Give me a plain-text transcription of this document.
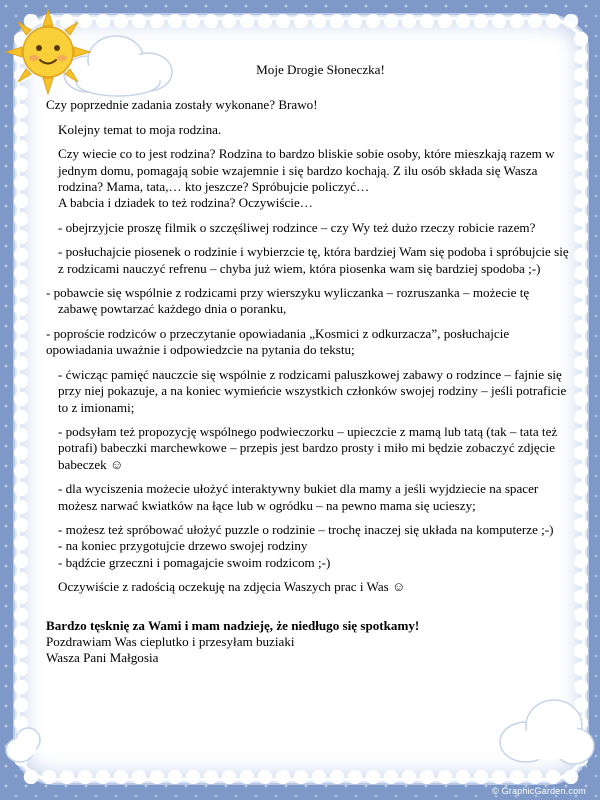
Moje Drogie Słoneczka!

Czy poprzednie zadania zostały wykonane? Brawo!

Kolejny temat to moja rodzina.

Czy wiecie co to jest rodzina? Rodzina to bardzo bliskie sobie osoby, które mieszkają razem w jednym domu, pomagają sobie wzajemnie i się bardzo kochają. Z ilu osób składa się Wasza rodzina? Mama, tata,… kto jeszcze? Spróbujcie policzyć…

A babcia i dziadek to też rodzina? Oczywiście…

- obejrzyjcie proszę filmik o szczęśliwej rodzince – czy Wy też dużo rzeczy robicie razem?

- posłuchajcie piosenek o rodzinie i wybierzcie tę, która bardziej Wam się podoba i spróbujcie się z rodzicami nauczyć refrenu – chyba już wiem, która piosenka wam się bardziej spodoba ;-)

- pobawcie się wspólnie z rodzicami przy wierszyku wyliczanka – rozruszanka – możecie tę zabawę powtarzać każdego dnia o poranku,

- poproście rodziców o przeczytanie opowiadania „Kosmici z odkurzacza”, posłuchajcie opowiadania uważnie i odpowiedzcie na pytania do tekstu;

- ćwicząc pamięć nauczcie się wspólnie z rodzicami paluszkowej zabawy o rodzince – fajnie się przy niej pokazuje, a na koniec wymieńcie wszystkich członków swojej rodziny – jeśli potraficie to z imionami;

- podsyłam też propozycję wspólnego podwieczorku – upieczcie z mamą lub tatą (tak – tata też potrafi) babeczki marchewkowe – przepis jest bardzo prosty i miło mi będzie zobaczyć zdjęcie babeczek ☺

- dla wyciszenia możecie ułożyć interaktywny bukiet dla mamy a jeśli wyjdziecie na spacer możesz narwać kwiatków na łące lub w ogródku – na pewno mama się ucieszy;

- możesz też spróbować ułożyć puzzle o rodzinie – trochę inaczej się układa na komputerze ;-)

- na koniec przygotujcie drzewo swojej rodziny

- bądźcie grzeczni i pomagajcie swoim rodzicom ;-)

Oczywiście z radością oczekuję na zdjęcia Waszych prac i Was ☺

Bardzo tęsknię za Wami i mam nadzieję, że niedługo się spotkamy!

Pozdrawiam Was cieplutko i przesyłam buziaki

Wasza Pani Małgosia

© GraphicGarden.com
